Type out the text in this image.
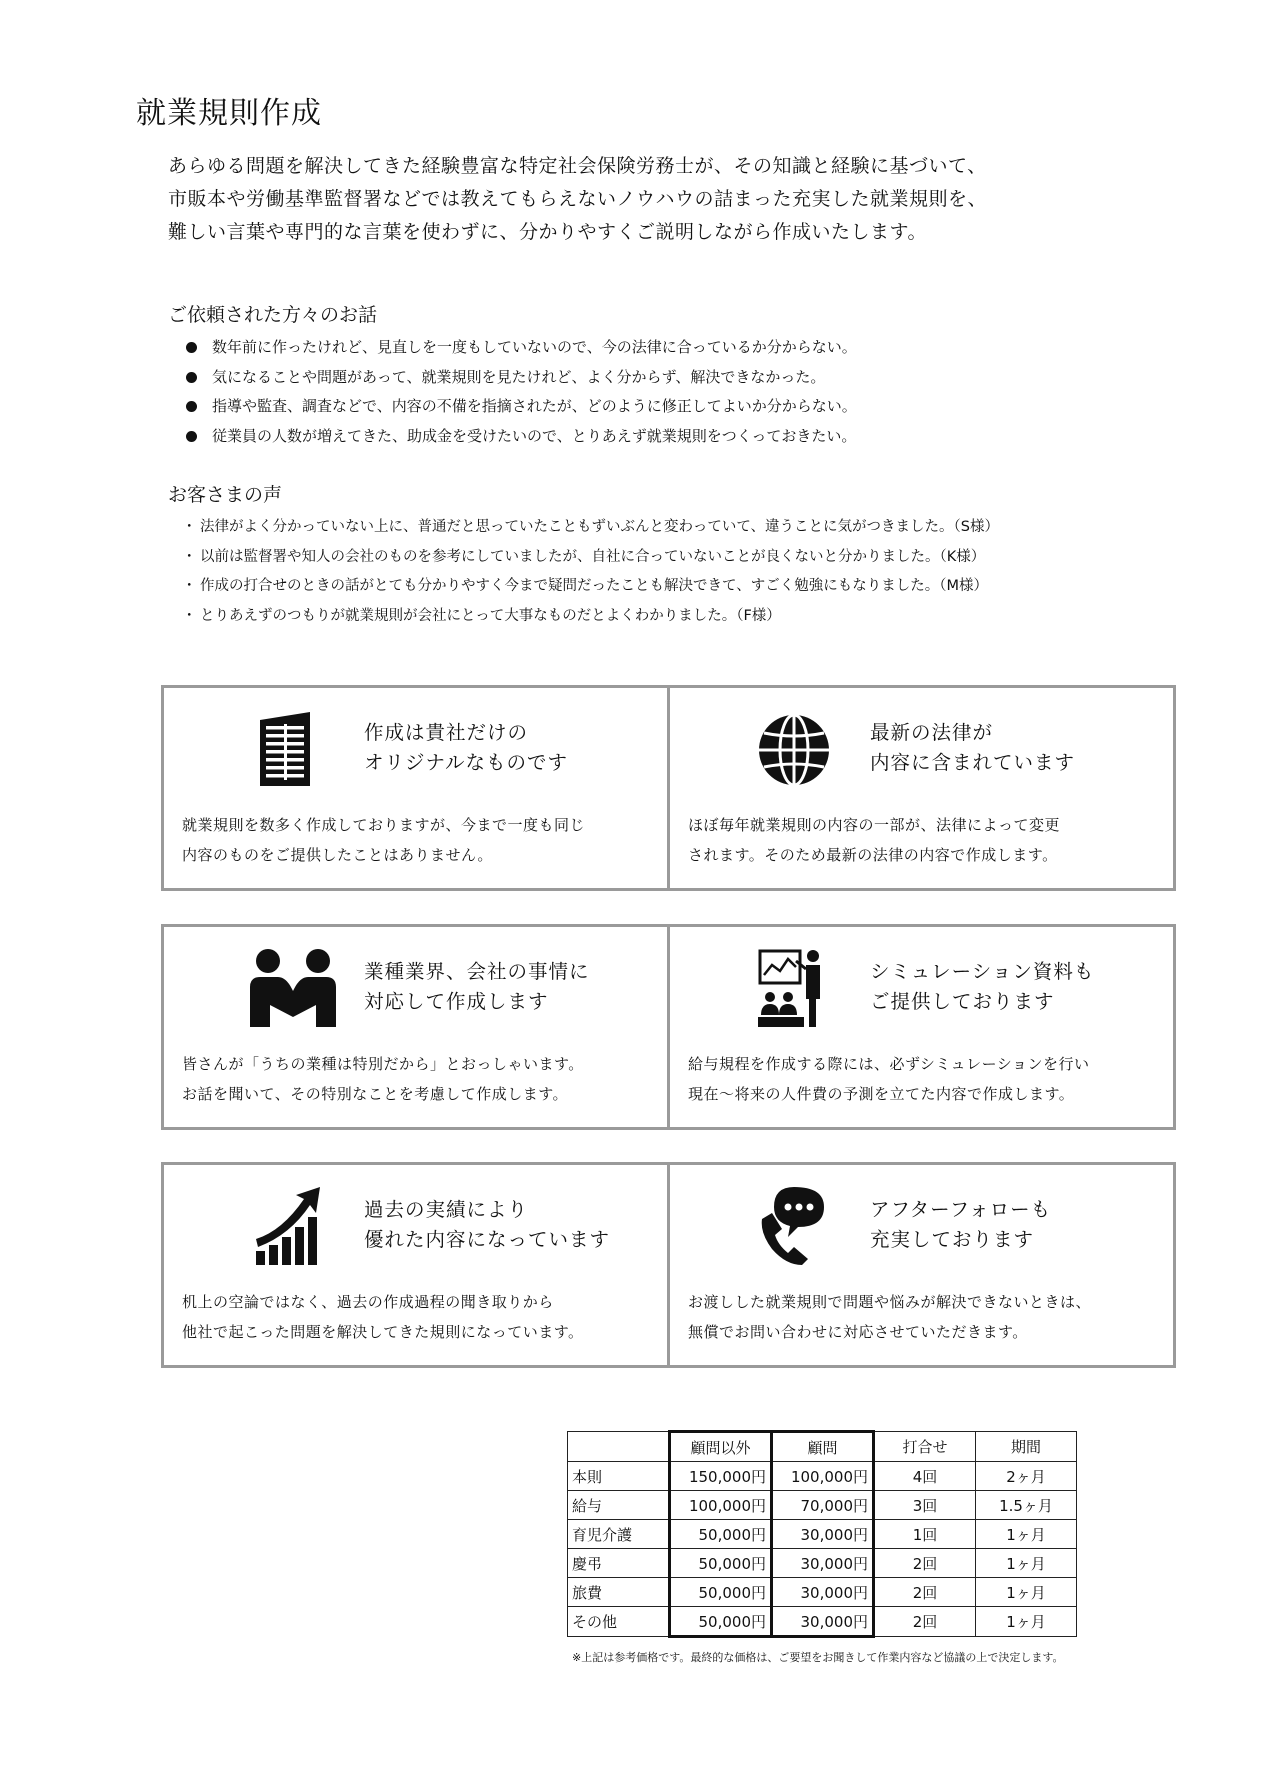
就業規則作成
あらゆる問題を解決してきた経験豊富な特定社会保険労務士が、その知識と経験に基づいて、
市販本や労働基準監督署などでは教えてもらえないノウハウの詰まった充実した就業規則を、
難しい言葉や専門的な言葉を使わずに、分かりやすくご説明しながら作成いたします。
ご依頼された方々のお話
数年前に作ったけれど、見直しを一度もしていないので、今の法律に合っているか分からない。
気になることや問題があって、就業規則を見たけれど、よく分からず、解決できなかった。
指導や監査、調査などで、内容の不備を指摘されたが、どのように修正してよいか分からない。
従業員の人数が増えてきた、助成金を受けたいので、とりあえず就業規則をつくっておきたい。
お客さまの声
・ 法律がよく分かっていない上に、普通だと思っていたこともずいぶんと変わっていて、違うことに気がつきました。（S様）
・ 以前は監督署や知人の会社のものを参考にしていましたが、自社に合っていないことが良くないと分かりました。（K様）
・ 作成の打合せのときの話がとても分かりやすく今まで疑問だったことも解決できて、すごく勉強にもなりました。（M様）
・ とりあえずのつもりが就業規則が会社にとって大事なものだとよくわかりました。（F様）
作成は貴社だけの
オリジナルなものです
就業規則を数多く作成しておりますが、今まで一度も同じ
内容のものをご提供したことはありません。
最新の法律が
内容に含まれています
ほぼ毎年就業規則の内容の一部が、法律によって変更
されます。そのため最新の法律の内容で作成します。
業種業界、会社の事情に
対応して作成します
皆さんが「うちの業種は特別だから」とおっしゃいます。
お話を聞いて、その特別なことを考慮して作成します。
シミュレーション資料も
ご提供しております
給与規程を作成する際には、必ずシミュレーションを行い
現在～将来の人件費の予測を立てた内容で作成します。
過去の実績により
優れた内容になっています
机上の空論ではなく、過去の作成過程の聞き取りから
他社で起こった問題を解決してきた規則になっています。
アフターフォローも
充実しております
お渡しした就業規則で問題や悩みが解決できないときは、
無償でお問い合わせに対応させていただきます。
	顧問以外	顧問	打合せ	期間
本則	150,000円	100,000円	4回	2ヶ月
給与	100,000円	70,000円	3回	1.5ヶ月
育児介護	50,000円	30,000円	1回	1ヶ月
慶弔	50,000円	30,000円	2回	1ヶ月
旅費	50,000円	30,000円	2回	1ヶ月
その他	50,000円	30,000円	2回	1ヶ月
※上記は参考価格です。最終的な価格は、ご要望をお聞きして作業内容など協議の上で決定します。
